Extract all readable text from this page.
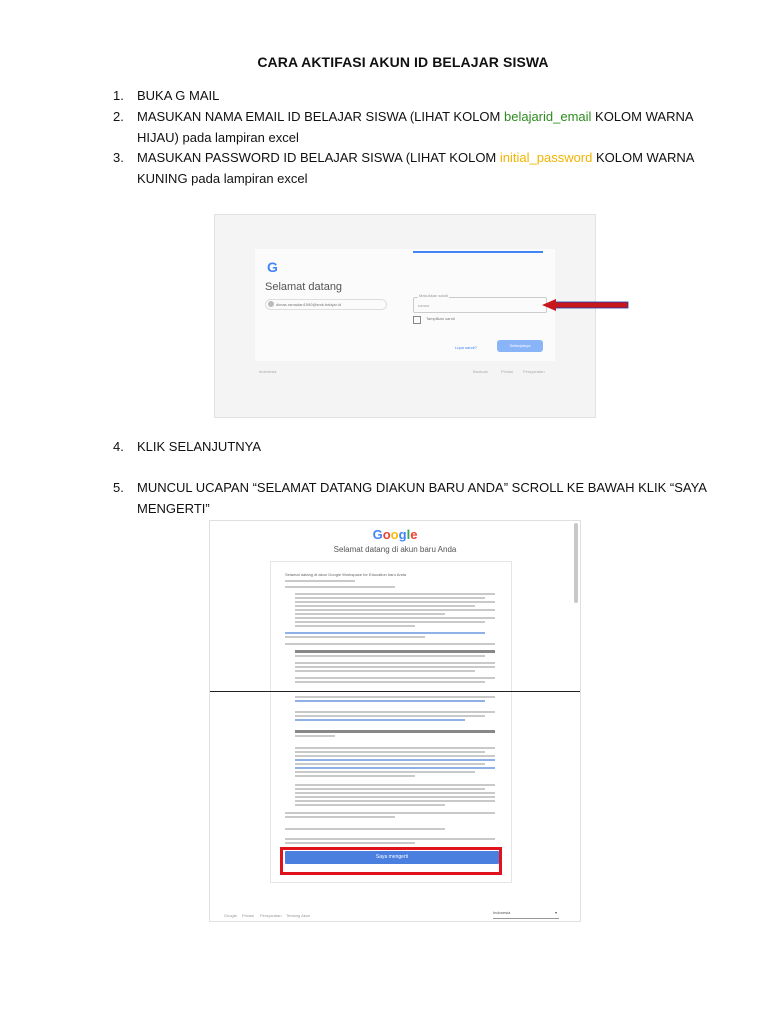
CARA AKTIFASI AKUN ID BELAJAR SISWA
1. BUKA G MAIL
2. MASUKAN NAMA EMAIL ID BELAJAR SISWA (LIHAT KOLOM belajarid_email KOLOM WARNA HIJAU) pada lampiran excel
3. MASUKAN PASSWORD ID BELAJAR SISWA (LIHAT KOLOM initial_password KOLOM WARNA KUNING pada lampiran excel
G
Selamat datang
dimas.ramadan1590@smk.belajar.id
Masukkan sandi
••••••••
Tampilkan sandi
Lupa sandi?	Selanjutnya
Indonesia	Bantuan	Privasi Persyaratan
4. KLIK SELANJUTNYA
5. MUNCUL UCAPAN “SELAMAT DATANG DIAKUN BARU ANDA” SCROLL KE BAWAH KLIK “SAYA MENGERTI”
Google
Selamat datang di akun baru Anda
Selamat datang di akun Google Workspace for Education baru Anda
Saya mengerti
Google Privasi Persyaratan Tentang Akun
Indonesia	▾
